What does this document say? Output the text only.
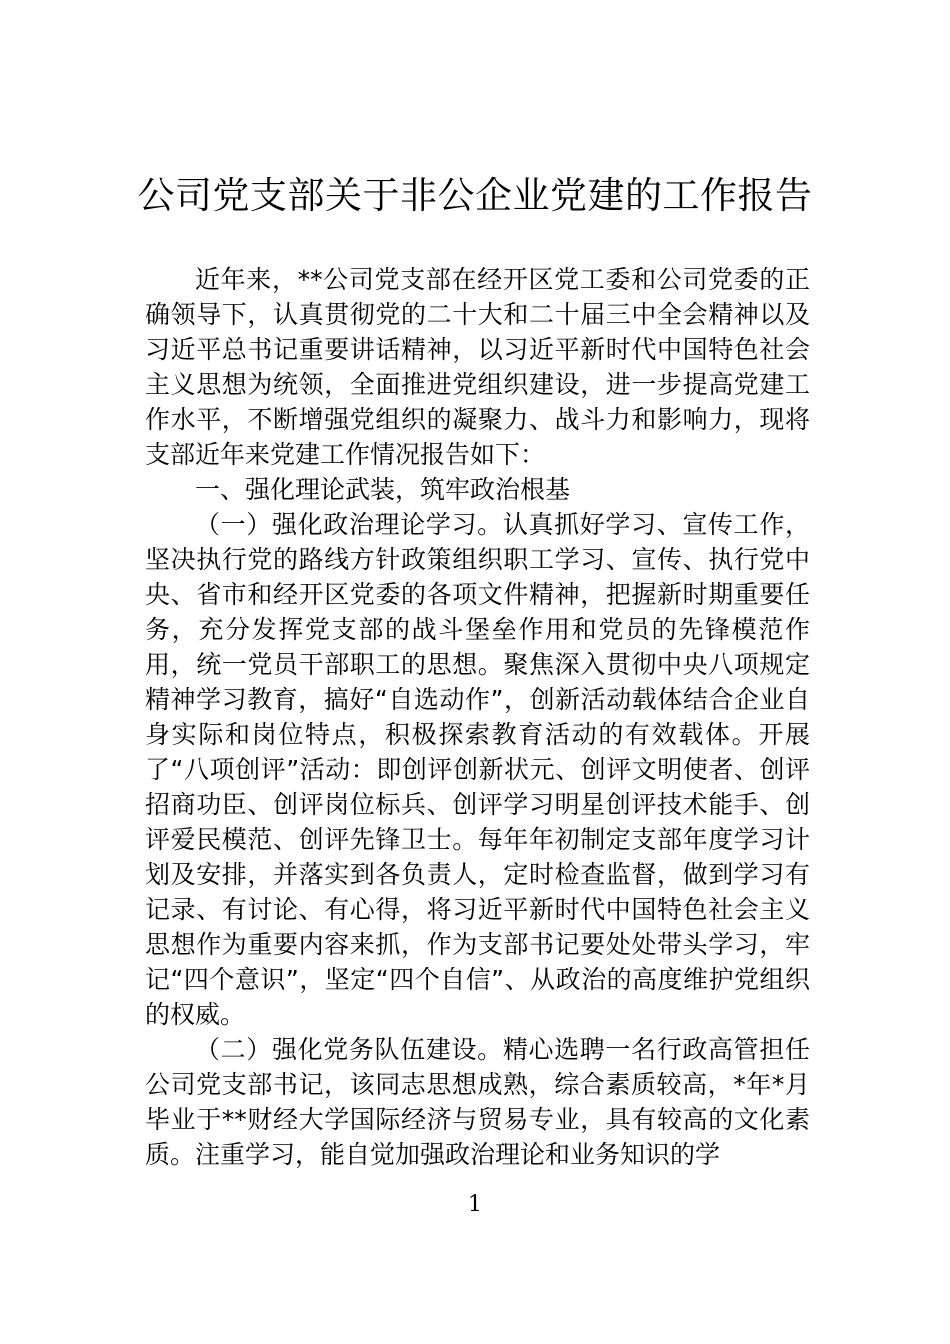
公司党支部关于非公企业党建的工作报告

近年来，**公司党支部在经开区党工委和公司党委的正确领导下，认真贯彻党的二十大和二十届三中全会精神以及习近平总书记重要讲话精神，以习近平新时代中国特色社会主义思想为统领，全面推进党组织建设，进一步提高党建工作水平，不断增强党组织的凝聚力、战斗力和影响力，现将支部近年来党建工作情况报告如下：

一、强化理论武装，筑牢政治根基

（一）强化政治理论学习。认真抓好学习、宣传工作，坚决执行党的路线方针政策组织职工学习、宣传、执行党中央、省市和经开区党委的各项文件精神，把握新时期重要任务，充分发挥党支部的战斗堡垒作用和党员的先锋模范作用，统一党员干部职工的思想。聚焦深入贯彻中央八项规定精神学习教育，搞好“自选动作”，创新活动载体结合企业自身实际和岗位特点，积极探索教育活动的有效载体。开展了“八项创评”活动：即创评创新状元、创评文明使者、创评招商功臣、创评岗位标兵、创评学习明星创评技术能手、创评爱民模范、创评先锋卫士。每年年初制定支部年度学习计划及安排，并落实到各负责人，定时检查监督，做到学习有记录、有讨论、有心得，将习近平新时代中国特色社会主义思想作为重要内容来抓，作为支部书记要处处带头学习，牢记“四个意识”，坚定“四个自信”、从政治的高度维护党组织的权威。

（二）强化党务队伍建设。精心选聘一名行政高管担任公司党支部书记，该同志思想成熟，综合素质较高，*年*月毕业于**财经大学国际经济与贸易专业，具有较高的文化素质。注重学习，能自觉加强政治理论和业务知识的学

1
